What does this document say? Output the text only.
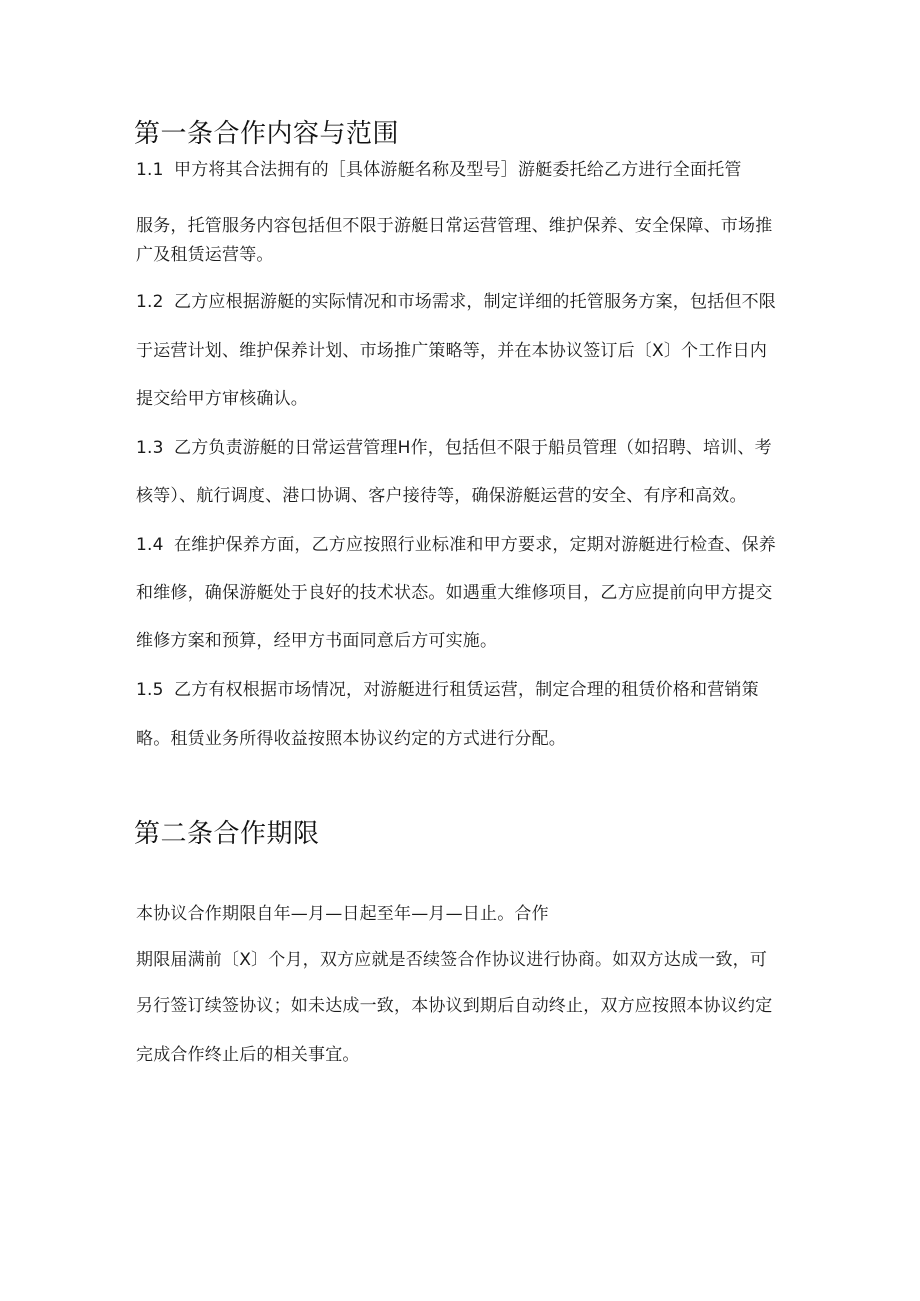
第一条合作内容与范围
1.1 甲方将其合法拥有的［具体游艇名称及型号］游艇委托给乙方进行全面托管
服务，托管服务内容包括但不限于游艇日常运营管理、维护保养、安全保障、市场推
广及租赁运营等。
1.2 乙方应根据游艇的实际情况和市场需求，制定详细的托管服务方案，包括但不限
于运营计划、维护保养计划、市场推广策略等，并在本协议签订后〔X〕个工作日内
提交给甲方审核确认。
1.3 乙方负责游艇的日常运营管理H作，包括但不限于船员管理（如招聘、培训、考
核等）、航行调度、港口协调、客户接待等，确保游艇运营的安全、有序和高效。
1.4 在维护保养方面，乙方应按照行业标准和甲方要求，定期对游艇进行检查、保养
和维修，确保游艇处于良好的技术状态。如遇重大维修项目，乙方应提前向甲方提交
维修方案和预算，经甲方书面同意后方可实施。
1.5 乙方有权根据市场情况，对游艇进行租赁运营，制定合理的租赁价格和营销策
略。租赁业务所得收益按照本协议约定的方式进行分配。
第二条合作期限
本协议合作期限自年—月—日起至年—月—日止。合作
期限届满前〔X〕个月，双方应就是否续签合作协议进行协商。如双方达成一致，可
另行签订续签协议；如未达成一致，本协议到期后自动终止，双方应按照本协议约定
完成合作终止后的相关事宜。
